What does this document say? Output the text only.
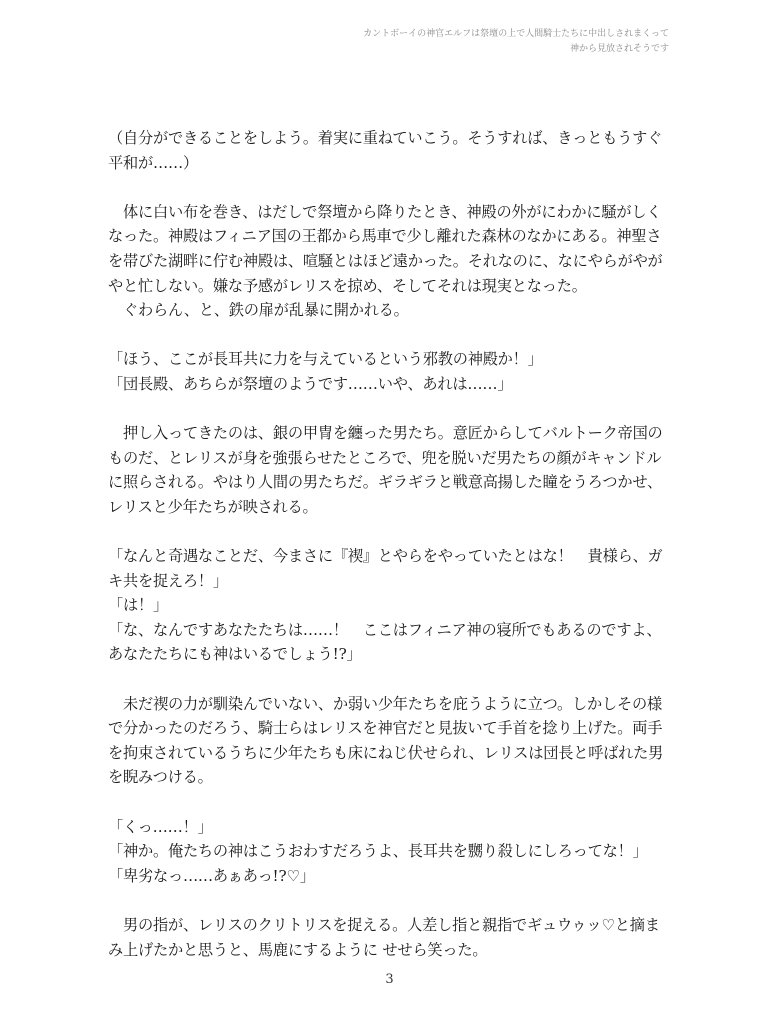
カントボーイの神官エルフは祭壇の上で人間騎士たちに中出しされまくって
神から見放されそうです

（自分ができることをしよう。着実に重ねていこう。そうすれば、きっともうすぐ平和が……）

　体に白い布を巻き、はだしで祭壇から降りたとき、神殿の外がにわかに騒がしくなった。神殿はフィニア国の王都から馬車で少し離れた森林のなかにある。神聖さを帯びた湖畔に佇む神殿は、喧騒とはほど遠かった。それなのに、なにやらがやがやと忙しない。嫌な予感がレリスを掠め、そしてそれは現実となった。

　ぐわらん、と、鉄の扉が乱暴に開かれる。

「ほう、ここが長耳共に力を与えているという邪教の神殿か！」

「団長殿、あちらが祭壇のようです……いや、あれは……」

　押し入ってきたのは、銀の甲冑を纏った男たち。意匠からしてバルトーク帝国のものだ、とレリスが身を強張らせたところで、兜を脱いだ男たちの顔がキャンドルに照らされる。やはり人間の男たちだ。ギラギラと戦意高揚した瞳をうろつかせ、レリスと少年たちが映される。

「なんと奇遇なことだ、今まさに『禊』とやらをやっていたとはな！　貴様ら、ガキ共を捉えろ！」

「は！」

「な、なんですあなたたちは……！　ここはフィニア神の寝所でもあるのですよ、あなたたちにも神はいるでしょう!?」

　未だ禊の力が馴染んでいない、か弱い少年たちを庇うように立つ。しかしその様で分かったのだろう、騎士らはレリスを神官だと見抜いて手首を捻り上げた。両手を拘束されているうちに少年たちも床にねじ伏せられ、レリスは団長と呼ばれた男を睨みつける。

「くっ……！」

「神か。俺たちの神はこうおわすだろうよ、長耳共を嬲り殺しにしろってな！」

「卑劣なっ……あぁあっ!?♡」

　男の指が、レリスのクリトリスを捉える。人差し指と親指でギュウゥッ♡と摘まみ上げたかと思うと、馬鹿にするように せせら笑った。

3
